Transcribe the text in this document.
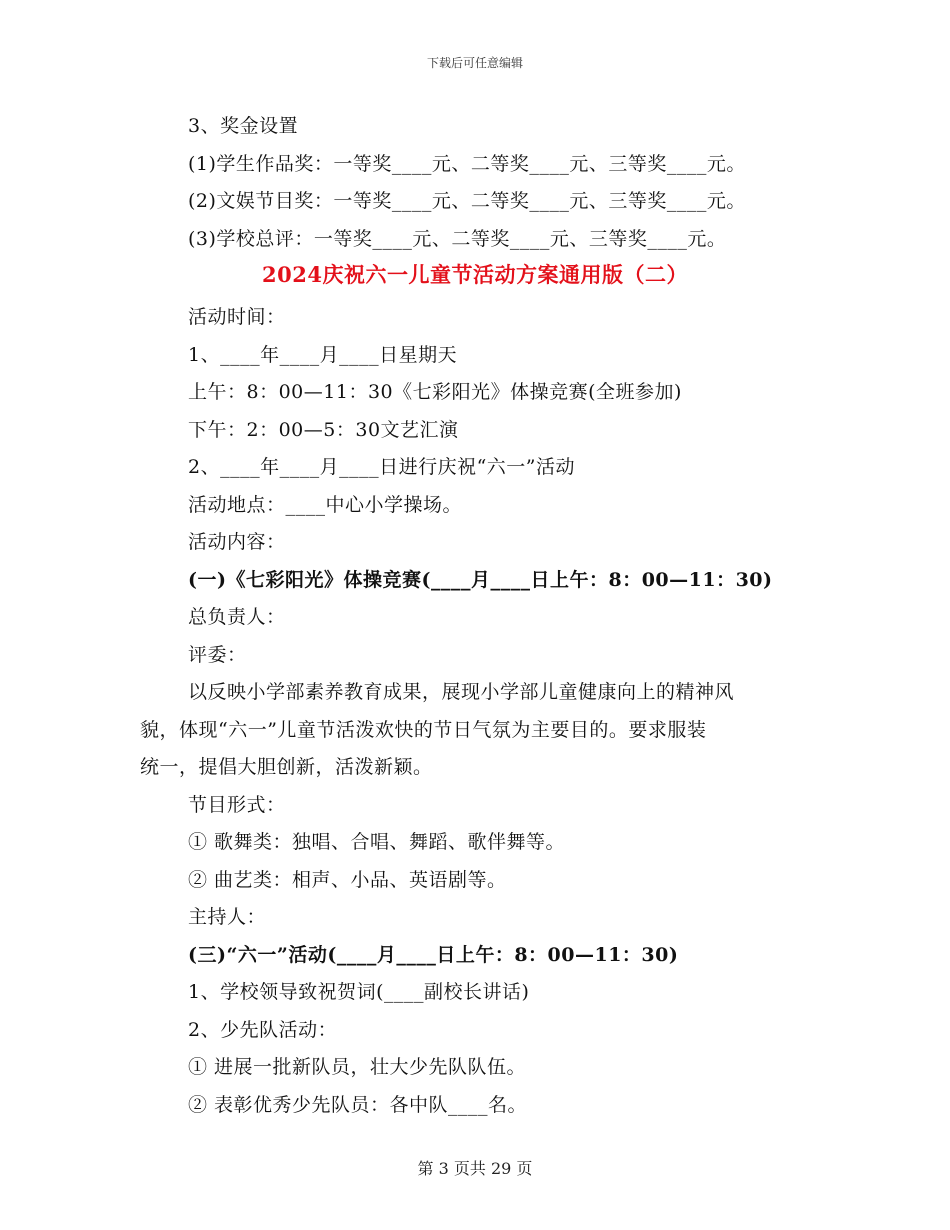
下载后可任意编辑
3、奖金设置
(1)学生作品奖：一等奖____元、二等奖____元、三等奖____元。
(2)文娱节目奖：一等奖____元、二等奖____元、三等奖____元。
(3)学校总评：一等奖____元、二等奖____元、三等奖____元。
2024庆祝六一儿童节活动方案通用版（二）
活动时间：
1、____年____月____日星期天
上午：8：00—11：30《七彩阳光》体操竞赛(全班参加)
下午：2：00—5：30文艺汇演
2、____年____月____日进行庆祝“六一”活动
活动地点：____中心小学操场。
活动内容：
(一)《七彩阳光》体操竞赛(____月____日上午：8：00—11：30)
总负责人：
评委：
以反映小学部素养教育成果，展现小学部儿童健康向上的精神风
貌，体现“六一”儿童节活泼欢快的节日气氛为主要目的。要求服装
统一，提倡大胆创新，活泼新颖。
节目形式：
① 歌舞类：独唱、合唱、舞蹈、歌伴舞等。
② 曲艺类：相声、小品、英语剧等。
主持人：
(三)“六一”活动(____月____日上午：8：00—11：30)
1、学校领导致祝贺词(____副校长讲话)
2、少先队活动：
① 进展一批新队员，壮大少先队队伍。
② 表彰优秀少先队员：各中队____名。
第 3 页共 29 页
